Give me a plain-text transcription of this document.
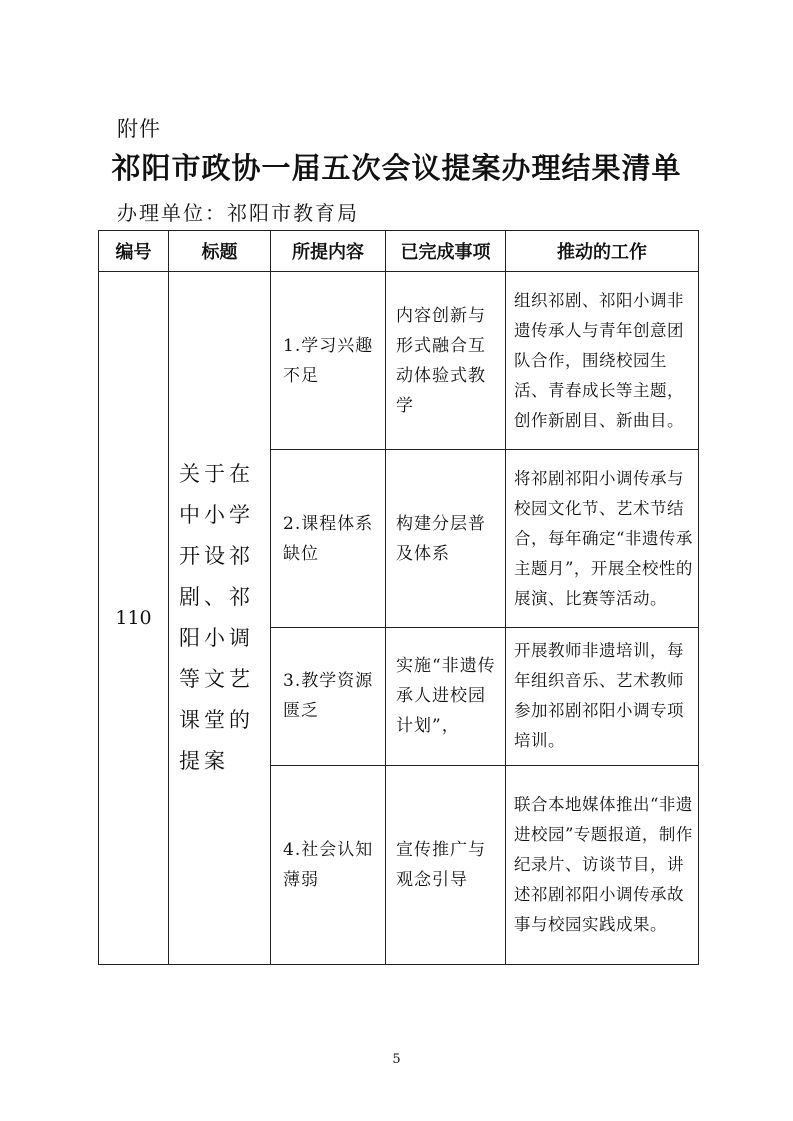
附件
祁阳市政协一届五次会议提案办理结果清单
办理单位：祁阳市教育局
编号	标题	所提内容	已完成事项	推动的工作
110	关于在中小学开设祁剧、祁阳小调等文艺课堂的提案	1.学习兴趣不足	内容创新与形式融合互动体验式教学	组织祁剧、祁阳小调非遗传承人与青年创意团队合作，围绕校园生活、青春成长等主题，创作新剧目、新曲目。
		2.课程体系缺位	构建分层普及体系	将祁剧祁阳小调传承与校园文化节、艺术节结合，每年确定“非遗传承主题月”，开展全校性的展演、比赛等活动。
		3.教学资源匮乏	实施“非遗传承人进校园计划”，	开展教师非遗培训，每年组织音乐、艺术教师参加祁剧祁阳小调专项培训。
		4.社会认知薄弱	宣传推广与观念引导	联合本地媒体推出“非遗进校园”专题报道，制作纪录片、访谈节目，讲述祁剧祁阳小调传承故事与校园实践成果。
5
